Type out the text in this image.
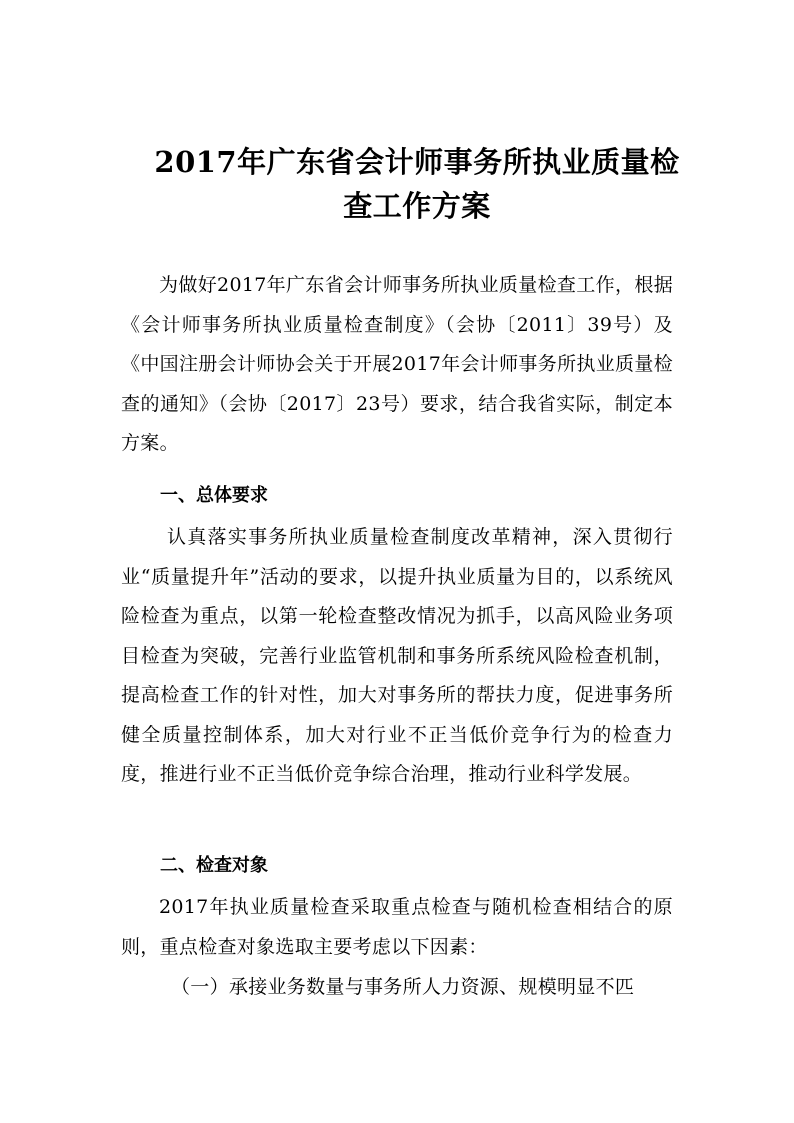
2017年广东省会计师事务所执业质量检
查工作方案

为做好2017年广东省会计师事务所执业质量检查工作，根据《会计师事务所执业质量检查制度》（会协〔2011〕39号）及《中国注册会计师协会关于开展2017年会计师事务所执业质量检查的通知》（会协〔2017〕23号）要求，结合我省实际，制定本方案。

一、总体要求

认真落实事务所执业质量检查制度改革精神，深入贯彻行业“质量提升年”活动的要求，以提升执业质量为目的，以系统风险检查为重点，以第一轮检查整改情况为抓手，以高风险业务项目检查为突破，完善行业监管机制和事务所系统风险检查机制，提高检查工作的针对性，加大对事务所的帮扶力度，促进事务所健全质量控制体系，加大对行业不正当低价竞争行为的检查力度，推进行业不正当低价竞争综合治理，推动行业科学发展。

二、检查对象

2017年执业质量检查采取重点检查与随机检查相结合的原则，重点检查对象选取主要考虑以下因素：

（一）承接业务数量与事务所人力资源、规模明显不匹
